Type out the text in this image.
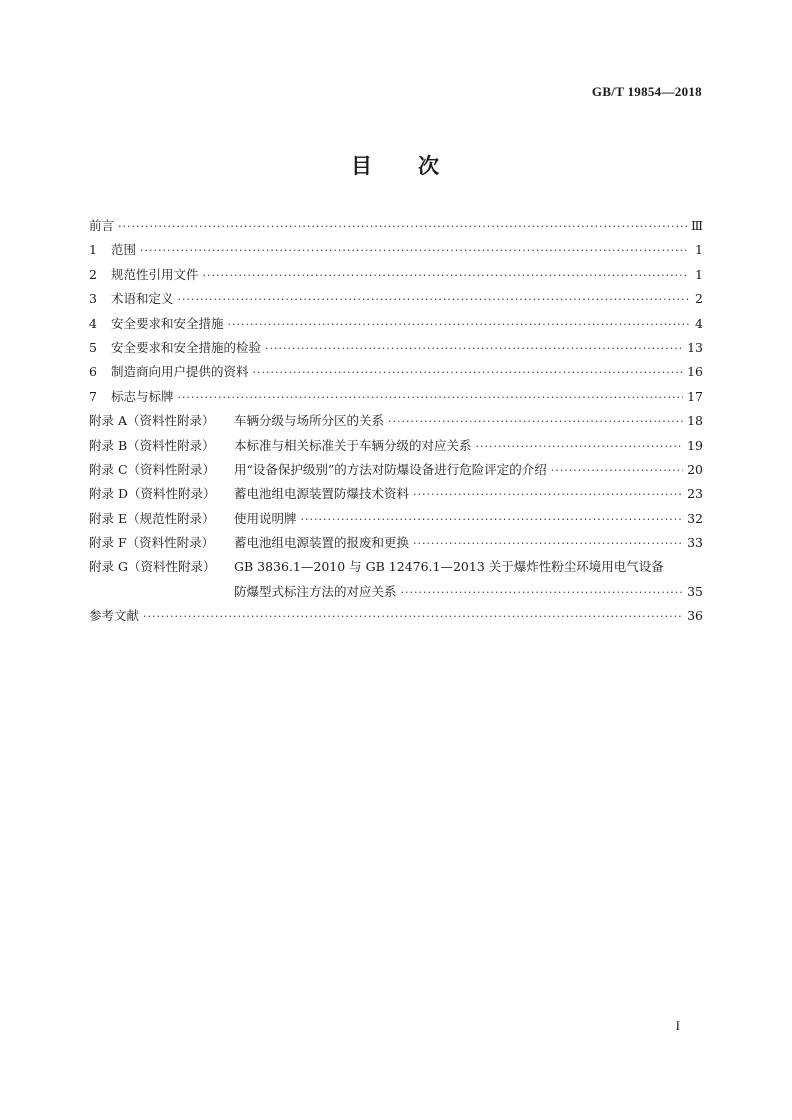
GB/T 19854—2018
目 次
前言 ·····	Ⅲ
1	范围 ·····	1
2	规范性引用文件 ·····	1
3	术语和定义 ·····	2
4	安全要求和安全措施 ·····	4
5	安全要求和安全措施的检验 ·····	13
6	制造商向用户提供的资料 ·····	16
7	标志与标牌 ·····	17
附录 A（资料性附录）	车辆分级与场所分区的关系 ·····	18
附录 B（资料性附录）	本标准与相关标准关于车辆分级的对应关系 ·····	19
附录 C（资料性附录）	用“设备保护级别”的方法对防爆设备进行危险评定的介绍 ·····	20
附录 D（资料性附录）	蓄电池组电源装置防爆技术资料 ·····	23
附录 E（规范性附录）	使用说明牌 ·····	32
附录 F（资料性附录）	蓄电池组电源装置的报废和更换 ·····	33
附录 G（资料性附录）	GB 3836.1—2010 与 GB 12476.1—2013 关于爆炸性粉尘环境用电气设备
防爆型式标注方法的对应关系 ·····	35
参考文献 ·····	36
I
